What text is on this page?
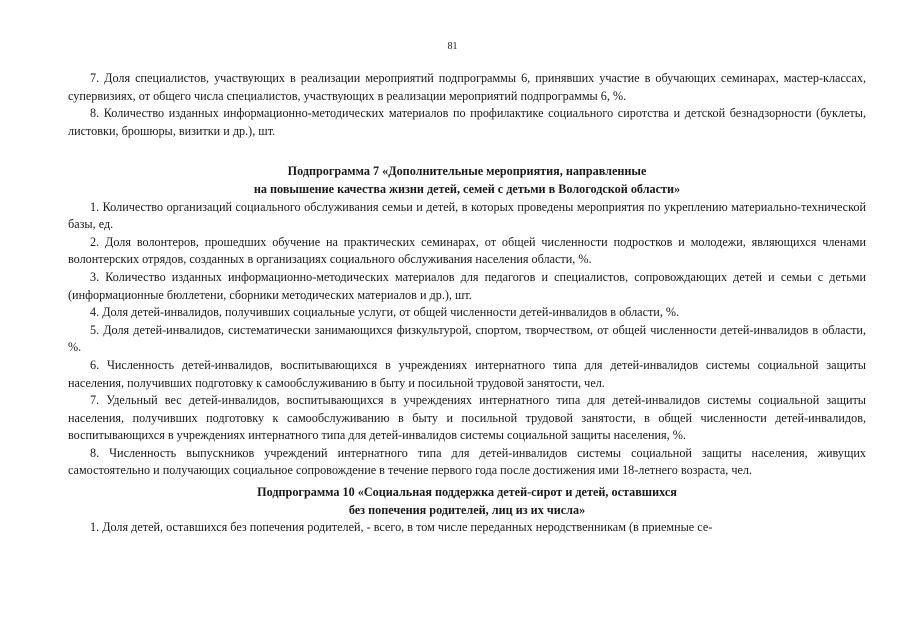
81

7. Доля специалистов, участвующих в реализации мероприятий подпрограммы 6, принявших участие в обучающих семинарах, мастер-классах, супервизиях, от общего числа специалистов, участвующих в реализации мероприятий подпрограммы 6, %.

8. Количество изданных информационно-методических материалов по профилактике социального сиротства и детской безнадзорности (буклеты, листовки, брошюры, визитки и др.), шт.

Подпрограмма 7 «Дополнительные мероприятия, направленные
на повышение качества жизни детей, семей с детьми в Вологодской области»

1. Количество организаций социального обслуживания семьи и детей, в которых проведены мероприятия по укреплению материально-технической базы, ед.

2. Доля волонтеров, прошедших обучение на практических семинарах, от общей численности подростков и молодежи, являющихся членами волонтерских отрядов, созданных в организациях социального обслуживания населения области, %.

3. Количество изданных информационно-методических материалов для педагогов и специалистов, сопровождающих детей и семьи с детьми (информационные бюллетени, сборники методических материалов и др.), шт.

4. Доля детей-инвалидов, получивших социальные услуги, от общей численности детей-инвалидов в области, %.

5. Доля детей-инвалидов, систематически занимающихся физкультурой, спортом, творчеством, от общей численности детей-инвалидов в области, %.

6. Численность детей-инвалидов, воспитывающихся в учреждениях интернатного типа для детей-инвалидов системы социальной защиты населения, получивших подготовку к самообслуживанию в быту и посильной трудовой занятости, чел.

7. Удельный вес детей-инвалидов, воспитывающихся в учреждениях интернатного типа для детей-инвалидов системы социальной защиты населения, получивших подготовку к самообслуживанию в быту и посильной трудовой занятости, в общей численности детей-инвалидов, воспитывающихся в учреждениях интернатного типа для детей-инвалидов системы социальной защиты населения, %.

8. Численность выпускников учреждений интернатного типа для детей-инвалидов системы социальной защиты населения, живущих самостоятельно и получающих социальное сопровождение в течение первого года после достижения ими 18-летнего возраста, чел.

Подпрограмма 10 «Социальная поддержка детей-сирот и детей, оставшихся
без попечения родителей, лиц из их числа»

1. Доля детей, оставшихся без попечения родителей, - всего, в том числе переданных неродственникам (в приемные се-
